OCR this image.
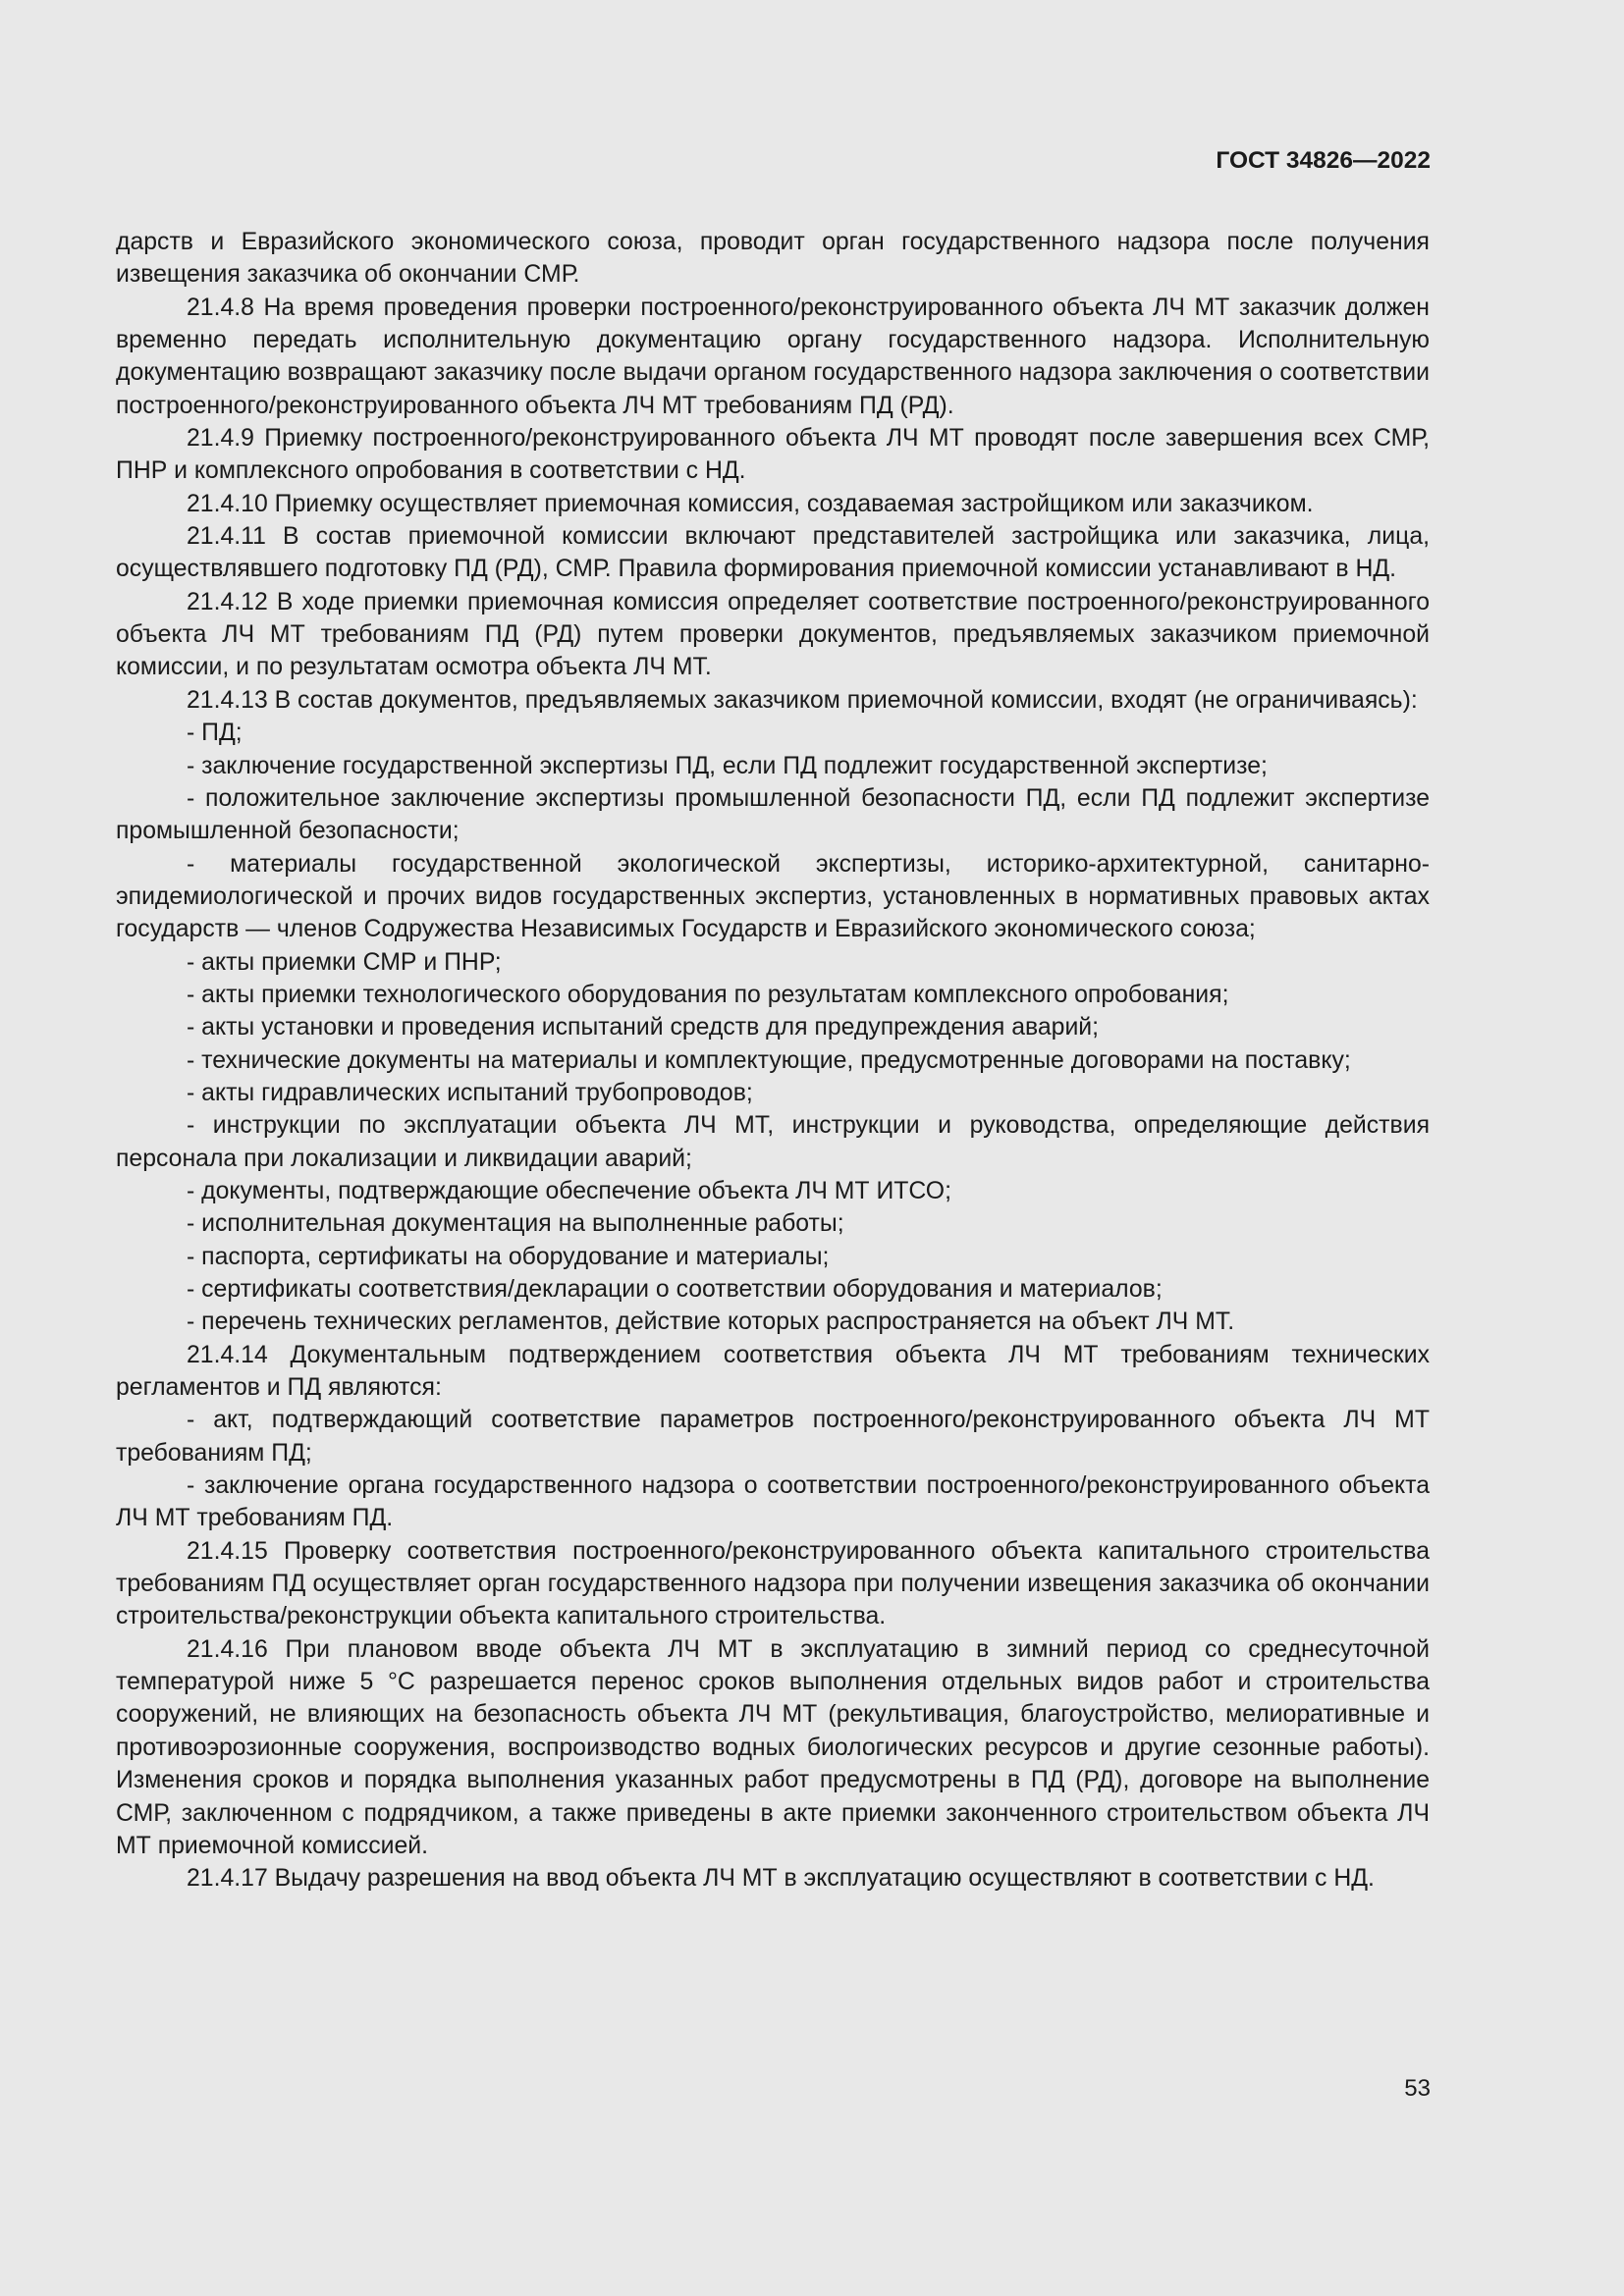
ГОСТ 34826—2022

дарств и Евразийского экономического союза, проводит орган государственного надзора после получения извещения заказчика об окончании СМР.

21.4.8 На время проведения проверки построенного/реконструированного объекта ЛЧ МТ заказчик должен временно передать исполнительную документацию органу государственного надзора. Исполнительную документацию возвращают заказчику после выдачи органом государственного надзора заключения о соответствии построенного/реконструированного объекта ЛЧ МТ требованиям ПД (РД).

21.4.9 Приемку построенного/реконструированного объекта ЛЧ МТ проводят после завершения всех СМР, ПНР и комплексного опробования в соответствии с НД.

21.4.10 Приемку осуществляет приемочная комиссия, создаваемая застройщиком или заказчиком.

21.4.11 В состав приемочной комиссии включают представителей застройщика или заказчика, лица, осуществлявшего подготовку ПД (РД), СМР. Правила формирования приемочной комиссии устанавливают в НД.

21.4.12 В ходе приемки приемочная комиссия определяет соответствие построенного/реконструированного объекта ЛЧ МТ требованиям ПД (РД) путем проверки документов, предъявляемых заказчиком приемочной комиссии, и по результатам осмотра объекта ЛЧ МТ.

21.4.13 В состав документов, предъявляемых заказчиком приемочной комиссии, входят (не ограничиваясь):

- ПД;

- заключение государственной экспертизы ПД, если ПД подлежит государственной экспертизе;

- положительное заключение экспертизы промышленной безопасности ПД, если ПД подлежит экспертизе промышленной безопасности;

- материалы государственной экологической экспертизы, историко-архитектурной, санитарно-эпидемиологической и прочих видов государственных экспертиз, установленных в нормативных правовых актах государств — членов Содружества Независимых Государств и Евразийского экономического союза;

- акты приемки СМР и ПНР;

- акты приемки технологического оборудования по результатам комплексного опробования;

- акты установки и проведения испытаний средств для предупреждения аварий;

- технические документы на материалы и комплектующие, предусмотренные договорами на поставку;

- акты гидравлических испытаний трубопроводов;

- инструкции по эксплуатации объекта ЛЧ МТ, инструкции и руководства, определяющие действия персонала при локализации и ликвидации аварий;

- документы, подтверждающие обеспечение объекта ЛЧ МТ ИТСО;

- исполнительная документация на выполненные работы;

- паспорта, сертификаты на оборудование и материалы;

- сертификаты соответствия/декларации о соответствии оборудования и материалов;

- перечень технических регламентов, действие которых распространяется на объект ЛЧ МТ.

21.4.14 Документальным подтверждением соответствия объекта ЛЧ МТ требованиям технических регламентов и ПД являются:

- акт, подтверждающий соответствие параметров построенного/реконструированного объекта ЛЧ МТ требованиям ПД;

- заключение органа государственного надзора о соответствии построенного/реконструированного объекта ЛЧ МТ требованиям ПД.

21.4.15 Проверку соответствия построенного/реконструированного объекта капитального строительства требованиям ПД осуществляет орган государственного надзора при получении извещения заказчика об окончании строительства/реконструкции объекта капитального строительства.

21.4.16 При плановом вводе объекта ЛЧ МТ в эксплуатацию в зимний период со среднесуточной температурой ниже 5 °C разрешается перенос сроков выполнения отдельных видов работ и строительства сооружений, не влияющих на безопасность объекта ЛЧ МТ (рекультивация, благоустройство, мелиоративные и противоэрозионные сооружения, воспроизводство водных биологических ресурсов и другие сезонные работы). Изменения сроков и порядка выполнения указанных работ предусмотрены в ПД (РД), договоре на выполнение СМР, заключенном с подрядчиком, а также приведены в акте приемки законченного строительством объекта ЛЧ МТ приемочной комиссией.

21.4.17 Выдачу разрешения на ввод объекта ЛЧ МТ в эксплуатацию осуществляют в соответствии с НД.

53
